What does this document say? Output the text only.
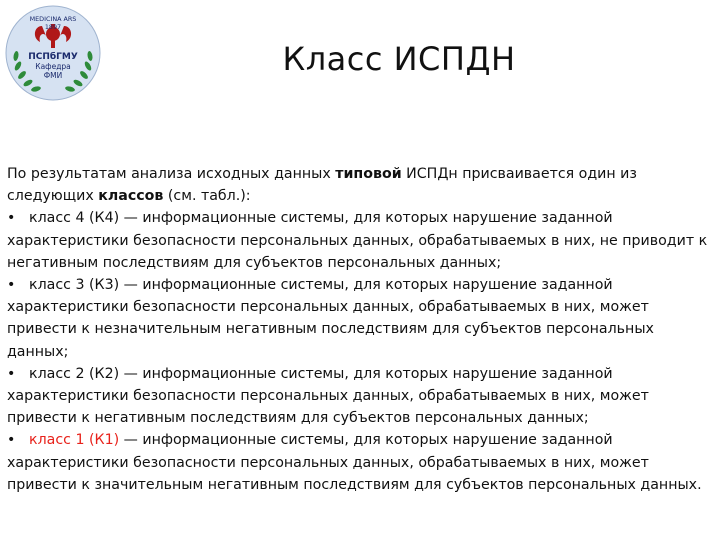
MEDICINA ARS
1897
ПСПбГМУ
Кафедра
ФМИ	Класс ИСПДН

По результатам анализа исходных данных типовой ИСПДн присваивается один из следующих классов (см. табл.):

• класс 4 (К4) — информационные системы, для которых нарушение заданной характеристики безопасности персональных данных, обрабатываемых в них, не приводит к негативным последствиям для субъектов персональных данных;

• класс 3 (К3) — информационные системы, для которых нарушение заданной характеристики безопасности персональных данных, обрабатываемых в них, может привести к незначительным негативным последствиям для субъектов персональных данных;

• класс 2 (К2) — информационные системы, для которых нарушение заданной характеристики безопасности персональных данных, обрабатываемых в них, может привести к негативным последствиям для субъектов персональных данных;

• класс 1 (К1) — информационные системы, для которых нарушение заданной характеристики безопасности персональных данных, обрабатываемых в них, может привести к значительным негативным последствиям для субъектов персональных данных.
